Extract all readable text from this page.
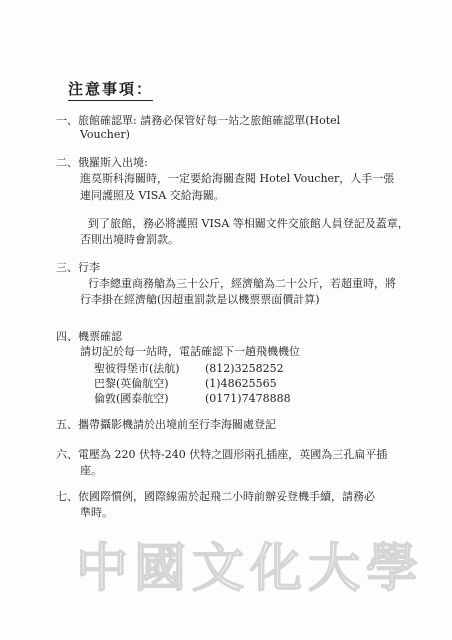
注意事項：
一、旅館確認單: 請務必保管好每一站之旅館確認單(Hotel
Voucher)
二、俄羅斯入出境:
進莫斯科海關時，一定要給海關查閱 Hotel Voucher，人手一張
連同護照及 VISA 交給海關。
到了旅館，務必將護照 VISA 等相關文件交旅館人員登記及蓋章，
否則出境時會罰款。
三、行李
行李總重商務艙為三十公斤，經濟艙為二十公斤，若超重時，將
行李掛在經濟艙(因超重罰款是以機票票面價計算)
四、機票確認
請切記於每一站時，電話確認下一趟飛機機位
聖彼得堡市(法航) (812)3258252
巴黎(英倫航空)	(1)48625565
倫敦(國泰航空)	(0171)7478888
五、攜帶攝影機請於出境前至行李海關處登記
六、電壓為 220 伏特-240 伏特之圓形兩孔插座，英國為三孔扁平插
座。
七、依國際慣例，國際線需於起飛二小時前辦妥登機手續，請務必
準時。
中國文化大學
